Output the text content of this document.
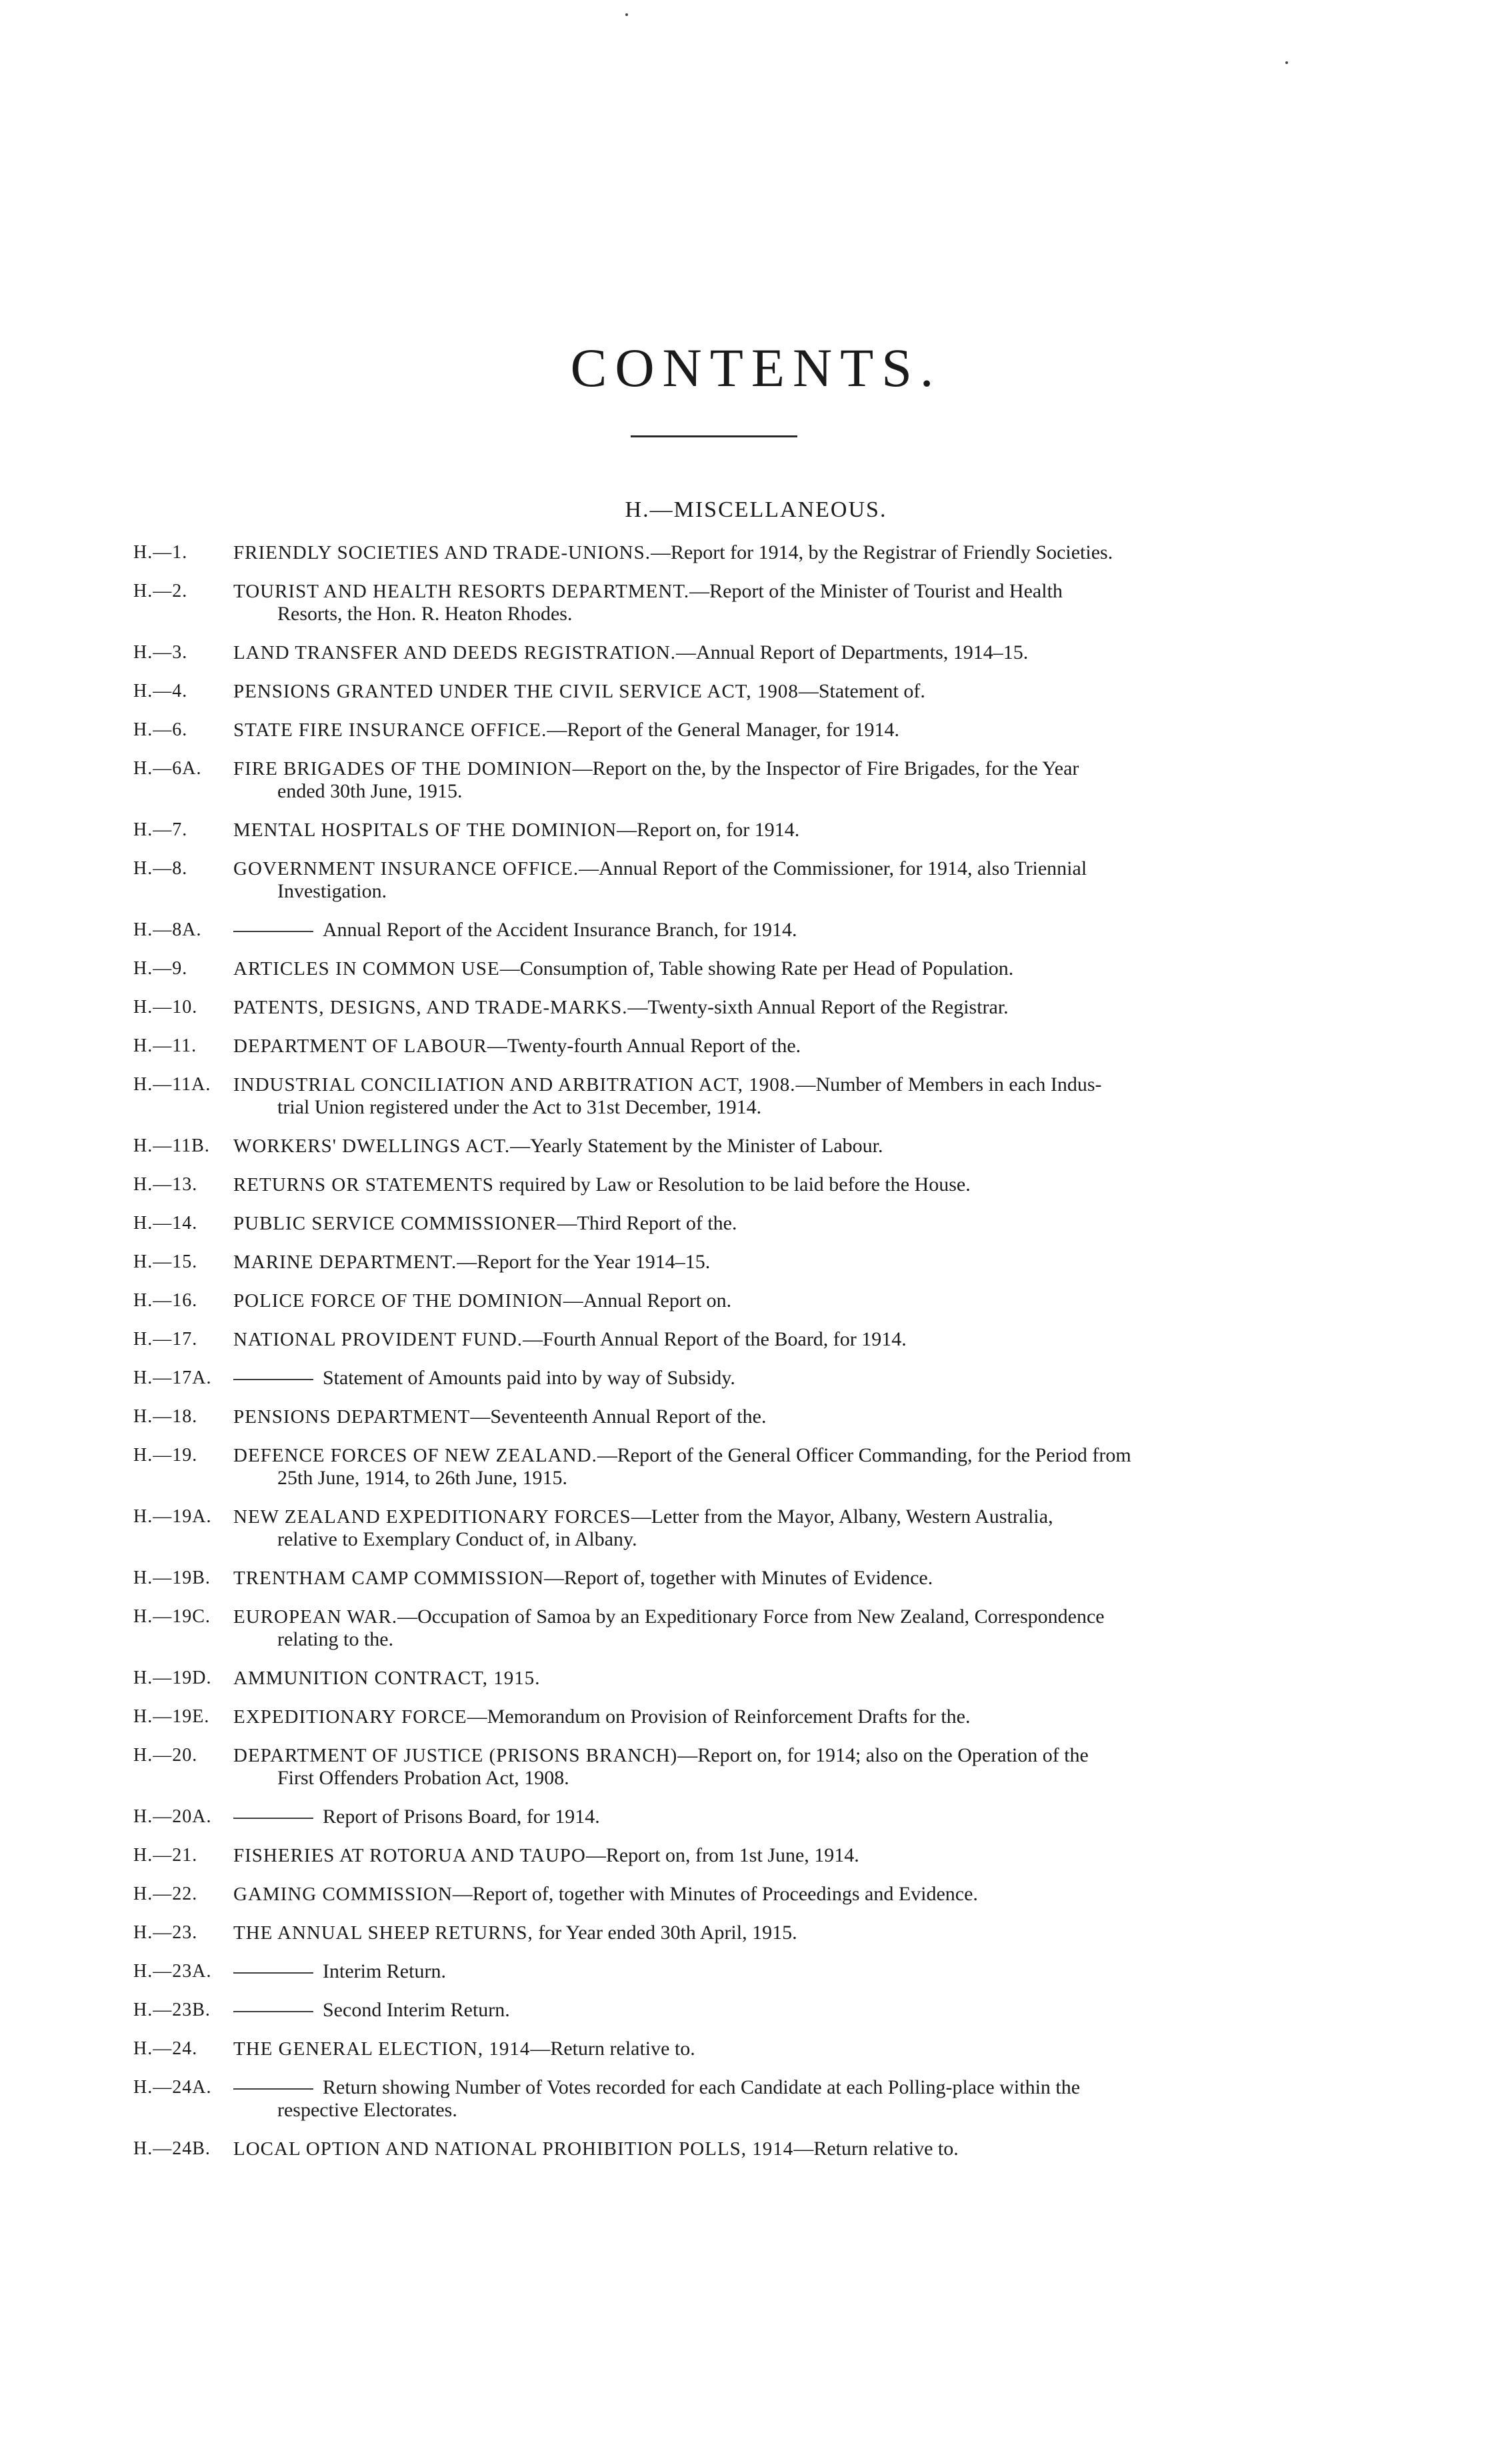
CONTENTS.
H.—MISCELLANEOUS.
H.—1.	FRIENDLY SOCIETIES AND TRADE-UNIONS.—Report for 1914, by the Registrar of Friendly Societies.
H.—2.	TOURIST AND HEALTH RESORTS DEPARTMENT.—Report of the Minister of Tourist and Health
Resorts, the Hon. R. Heaton Rhodes.
H.—3.	LAND TRANSFER AND DEEDS REGISTRATION.—Annual Report of Departments, 1914–15.
H.—4.	PENSIONS GRANTED UNDER THE CIVIL SERVICE ACT, 1908—Statement of.
H.—6.	STATE FIRE INSURANCE OFFICE.—Report of the General Manager, for 1914.
H.—6A.	FIRE BRIGADES OF THE DOMINION—Report on the, by the Inspector of Fire Brigades, for the Year
ended 30th June, 1915.
H.—7.	MENTAL HOSPITALS OF THE DOMINION—Report on, for 1914.
H.—8.	GOVERNMENT INSURANCE OFFICE.—Annual Report of the Commissioner, for 1914, also Triennial
Investigation.
H.—8A.	Annual Report of the Accident Insurance Branch, for 1914.
H.—9.	ARTICLES IN COMMON USE—Consumption of, Table showing Rate per Head of Population.
H.—10.	PATENTS, DESIGNS, AND TRADE-MARKS.—Twenty-sixth Annual Report of the Registrar.
H.—11.	DEPARTMENT OF LABOUR—Twenty-fourth Annual Report of the.
H.—11A.	INDUSTRIAL CONCILIATION AND ARBITRATION ACT, 1908.—Number of Members in each Indus-
trial Union registered under the Act to 31st December, 1914.
H.—11B.	WORKERS' DWELLINGS ACT.—Yearly Statement by the Minister of Labour.
H.—13.	RETURNS OR STATEMENTS required by Law or Resolution to be laid before the House.
H.—14.	PUBLIC SERVICE COMMISSIONER—Third Report of the.
H.—15.	MARINE DEPARTMENT.—Report for the Year 1914–15.
H.—16.	POLICE FORCE OF THE DOMINION—Annual Report on.
H.—17.	NATIONAL PROVIDENT FUND.—Fourth Annual Report of the Board, for 1914.
H.—17A.	Statement of Amounts paid into by way of Subsidy.
H.—18.	PENSIONS DEPARTMENT—Seventeenth Annual Report of the.
H.—19.	DEFENCE FORCES OF NEW ZEALAND.—Report of the General Officer Commanding, for the Period from
25th June, 1914, to 26th June, 1915.
H.—19A.	NEW ZEALAND EXPEDITIONARY FORCES—Letter from the Mayor, Albany, Western Australia,
relative to Exemplary Conduct of, in Albany.
H.—19B.	TRENTHAM CAMP COMMISSION—Report of, together with Minutes of Evidence.
H.—19C.	EUROPEAN WAR.—Occupation of Samoa by an Expeditionary Force from New Zealand, Correspondence
relating to the.
H.—19D.	AMMUNITION CONTRACT, 1915.
H.—19E.	EXPEDITIONARY FORCE—Memorandum on Provision of Reinforcement Drafts for the.
H.—20.	DEPARTMENT OF JUSTICE (PRISONS BRANCH)—Report on, for 1914; also on the Operation of the
First Offenders Probation Act, 1908.
H.—20A.	Report of Prisons Board, for 1914.
H.—21.	FISHERIES AT ROTORUA AND TAUPO—Report on, from 1st June, 1914.
H.—22.	GAMING COMMISSION—Report of, together with Minutes of Proceedings and Evidence.
H.—23.	THE ANNUAL SHEEP RETURNS, for Year ended 30th April, 1915.
H.—23A.	Interim Return.
H.—23B.	Second Interim Return.
H.—24.	THE GENERAL ELECTION, 1914—Return relative to.
H.—24A.	Return showing Number of Votes recorded for each Candidate at each Polling-place within the
respective Electorates.
H.—24B.	LOCAL OPTION AND NATIONAL PROHIBITION POLLS, 1914—Return relative to.
